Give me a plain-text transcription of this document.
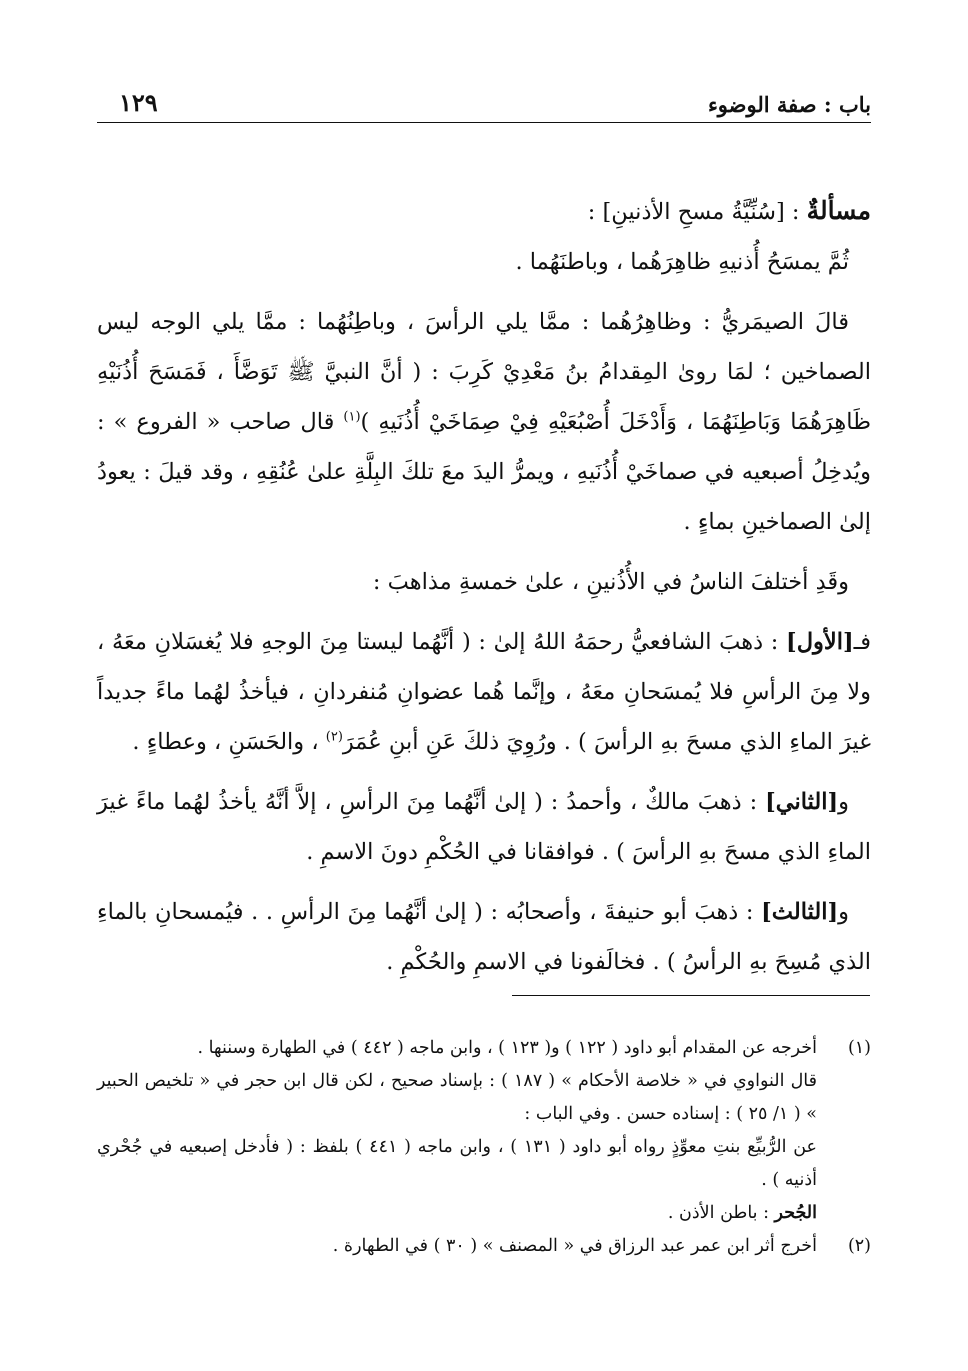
باب : صفة الوضوء
١٢٩

مسألةٌ : [سُنِّيَّةُ مسحِ الأذنينِ] :

ثُمَّ يمسَحُ أُذنيهِ ظاهِرَهُما ، وباطنَهُما .

قالَ الصيمَريُّ : وظاهِرُهُما : ممَّا يلي الرأسَ ، وباطِنُهُما : ممَّا يلي الوجه ليس الصماخين ؛ لمَا روىٰ المِقدامُ بنُ مَعْدِيْ كَرِبَ : ( أنَّ النبيَّ ﷺ تَوَضَّأَ ، فَمَسَحَ أُذُنَيْهِ ظَاهِرَهُمَا وَبَاطِنَهُمَا ، وَأَدْخَلَ أُصْبُعَيْهِ فِيْ صِمَاخَيْ أُذُنَيهِ )$^{(١)}$ قال صاحب « الفروع » : ويُدخِلُ أصبعيه في صماخَيْ أُذُنَيهِ ، ويمرُّ اليدَ معَ تلكَ البِلَّةِ علىٰ عُنُقِهِ ، وقد قيلَ : يعودُ إلىٰ الصماخينِ بماءٍ .

وقَدِ أختلفَ الناسُ في الأُذُنينِ ، علىٰ خمسةِ مذاهبَ :

فـ[الأول] : ذهبَ الشافعيُّ رحمَهُ اللهُ إلىٰ : ( أنَّهُما ليستا مِنَ الوجهِ فلا يُغسَلانِ معَهُ ، ولا مِنَ الرأسِ فلا يُمسَحانِ معَهُ ، وإنَّما هُما عضوانِ مُنفردانِ ، فيأخذُ لهُما ماءً جديداً غيرَ الماءِ الذي مسحَ بهِ الرأسَ ) . ورُوِيَ ذلكَ عَنِ أبنِ عُمَرَ$^{(٢)}$ ، والحَسَنِ ، وعطاءٍ .

و[الثاني] : ذهبَ مالكٌ ، وأحمدُ : ( إلىٰ أنَّهُما مِنَ الرأسِ ، إلاَّ أنَّهُ يأخذُ لهُما ماءً غيرَ الماءِ الذي مسحَ بهِ الرأسَ ) . فوافقانا في الحُكْمِ دونَ الاسمِ .

و[الثالث] : ذهبَ أبو حنيفةَ ، وأصحابُه : ( إلىٰ أنَّهُما مِنَ الرأسِ . . فيُمسحانِ بالماءِ الذي مُسِحَ بهِ الرأسُ ) . فخالَفونا في الاسمِ والحُكْمِ .

(١)
أخرجه عن المقدام أبو داود ( ١٢٢ ) و( ١٢٣ ) ، وابن ماجه ( ٤٤٢ ) في الطهارة وسننها .
قال النواوي في « خلاصة الأحكام » ( ١٨٧ ) : بإسناد صحيح ، لكن قال ابن حجر في « تلخيص الحبير » ( ١/ ٢٥ ) : إسناده حسن . وفي الباب :
عن الرُّبيِّع بنتِ معوِّذٍ رواه أبو داود ( ١٣١ ) ، وابن ماجه ( ٤٤١ ) بلفظ : ( فأدخل إصبعيه في جُحْري أذنيه ) .
الجُحر : باطن الأذن .
(٢)
أخرج أثر ابن عمر عبد الرزاق في « المصنف » ( ٣٠ ) في الطهارة .
